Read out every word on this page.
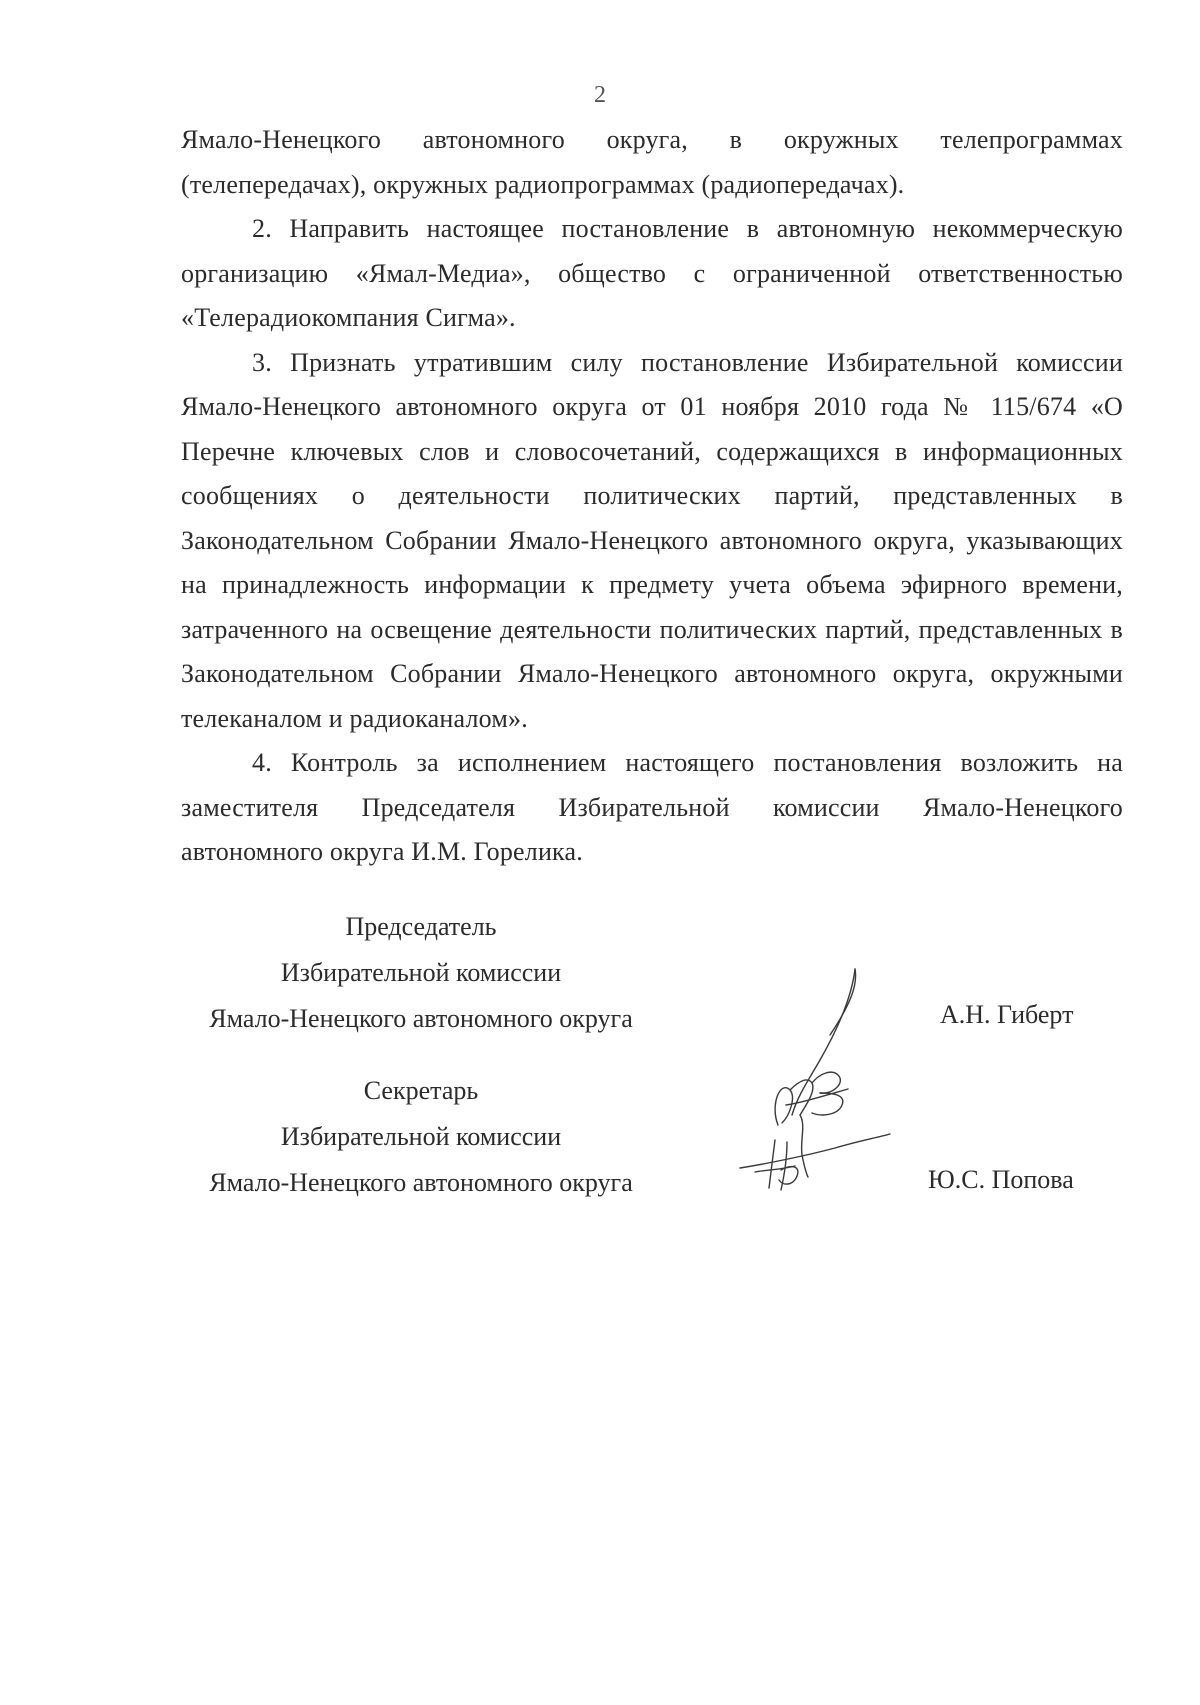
2

Ямало-Ненецкого автономного округа, в окружных телепрограммах (телепередачах), окружных радиопрограммах (радиопередачах).

2. Направить настоящее постановление в автономную некоммерческую организацию «Ямал-Медиа», общество с ограниченной ответственностью «Телерадиокомпания Сигма».

3. Признать утратившим силу постановление Избирательной комиссии Ямало-Ненецкого автономного округа от 01 ноября 2010 года № 115/674 «О Перечне ключевых слов и словосочетаний, содержащихся в информационных сообщениях о деятельности политических партий, представленных в Законодательном Собрании Ямало-Ненецкого автономного округа, указывающих на принадлежность информации к предмету учета объема эфирного времени, затраченного на освещение деятельности политических партий, представленных в Законодательном Собрании Ямало-Ненецкого автономного округа, окружными телеканалом и радиоканалом».

4. Контроль за исполнением настоящего постановления возложить на заместителя Председателя Избирательной комиссии Ямало-Ненецкого автономного округа И.М. Горелика.

Председатель
Избирательной комиссии
Ямало-Ненецкого автономного округа	А.Н. Гиберт
Секретарь
Избирательной комиссии
Ямало-Ненецкого автономного округа	Ю.С. Попова
